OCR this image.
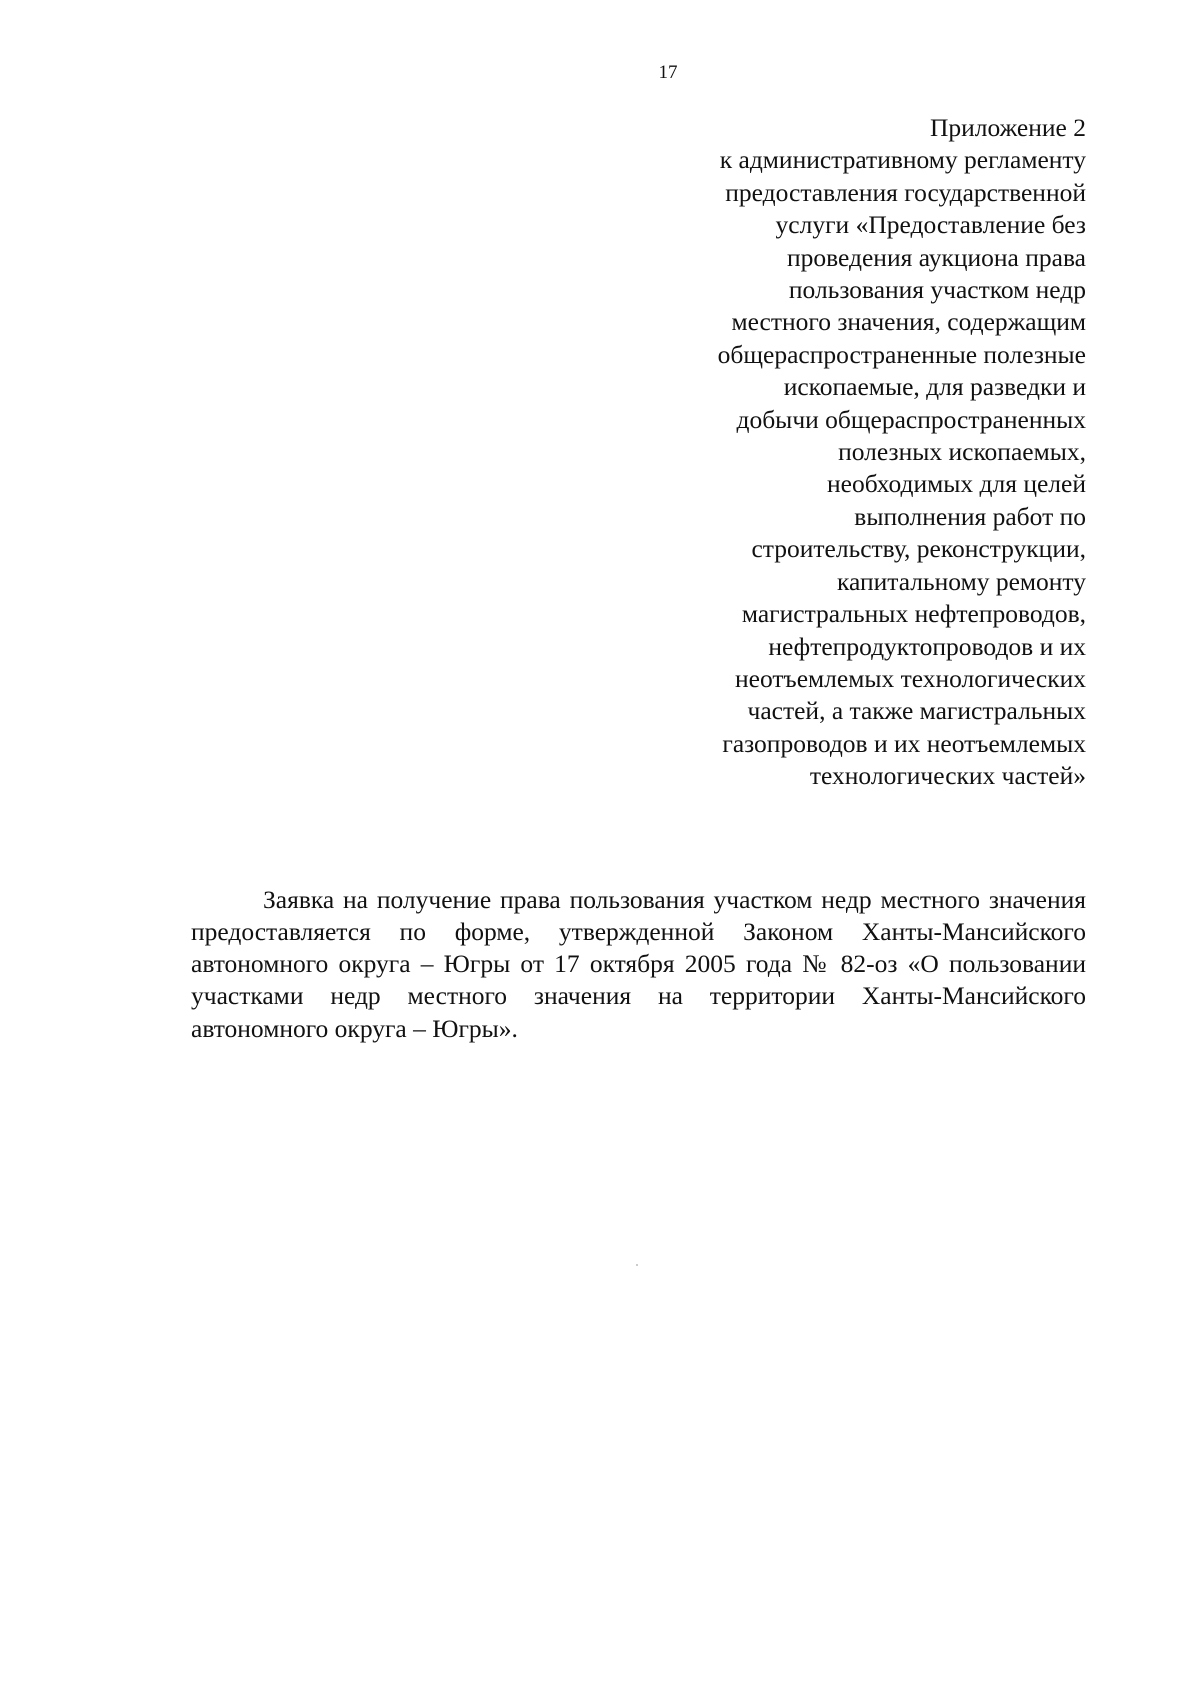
17
Приложение 2
к административному регламенту
предоставления государственной
услуги «Предоставление без
проведения аукциона права
пользования участком недр
местного значения, содержащим
общераспространенные полезные
ископаемые, для разведки и
добычи общераспространенных
полезных ископаемых,
необходимых для целей
выполнения работ по
строительству, реконструкции,
капитальному ремонту
магистральных нефтепроводов,
нефтепродуктопроводов и их
неотъемлемых технологических
частей, а также магистральных
газопроводов и их неотъемлемых
технологических частей»

Заявка на получение права пользования участком недр местного значения предоставляется по форме, утвержденной Законом Ханты-Мансийского автономного округа – Югры от 17 октября 2005 года № 82-оз «О пользовании участками недр местного значения на территории Ханты-Мансийского автономного округа – Югры».
